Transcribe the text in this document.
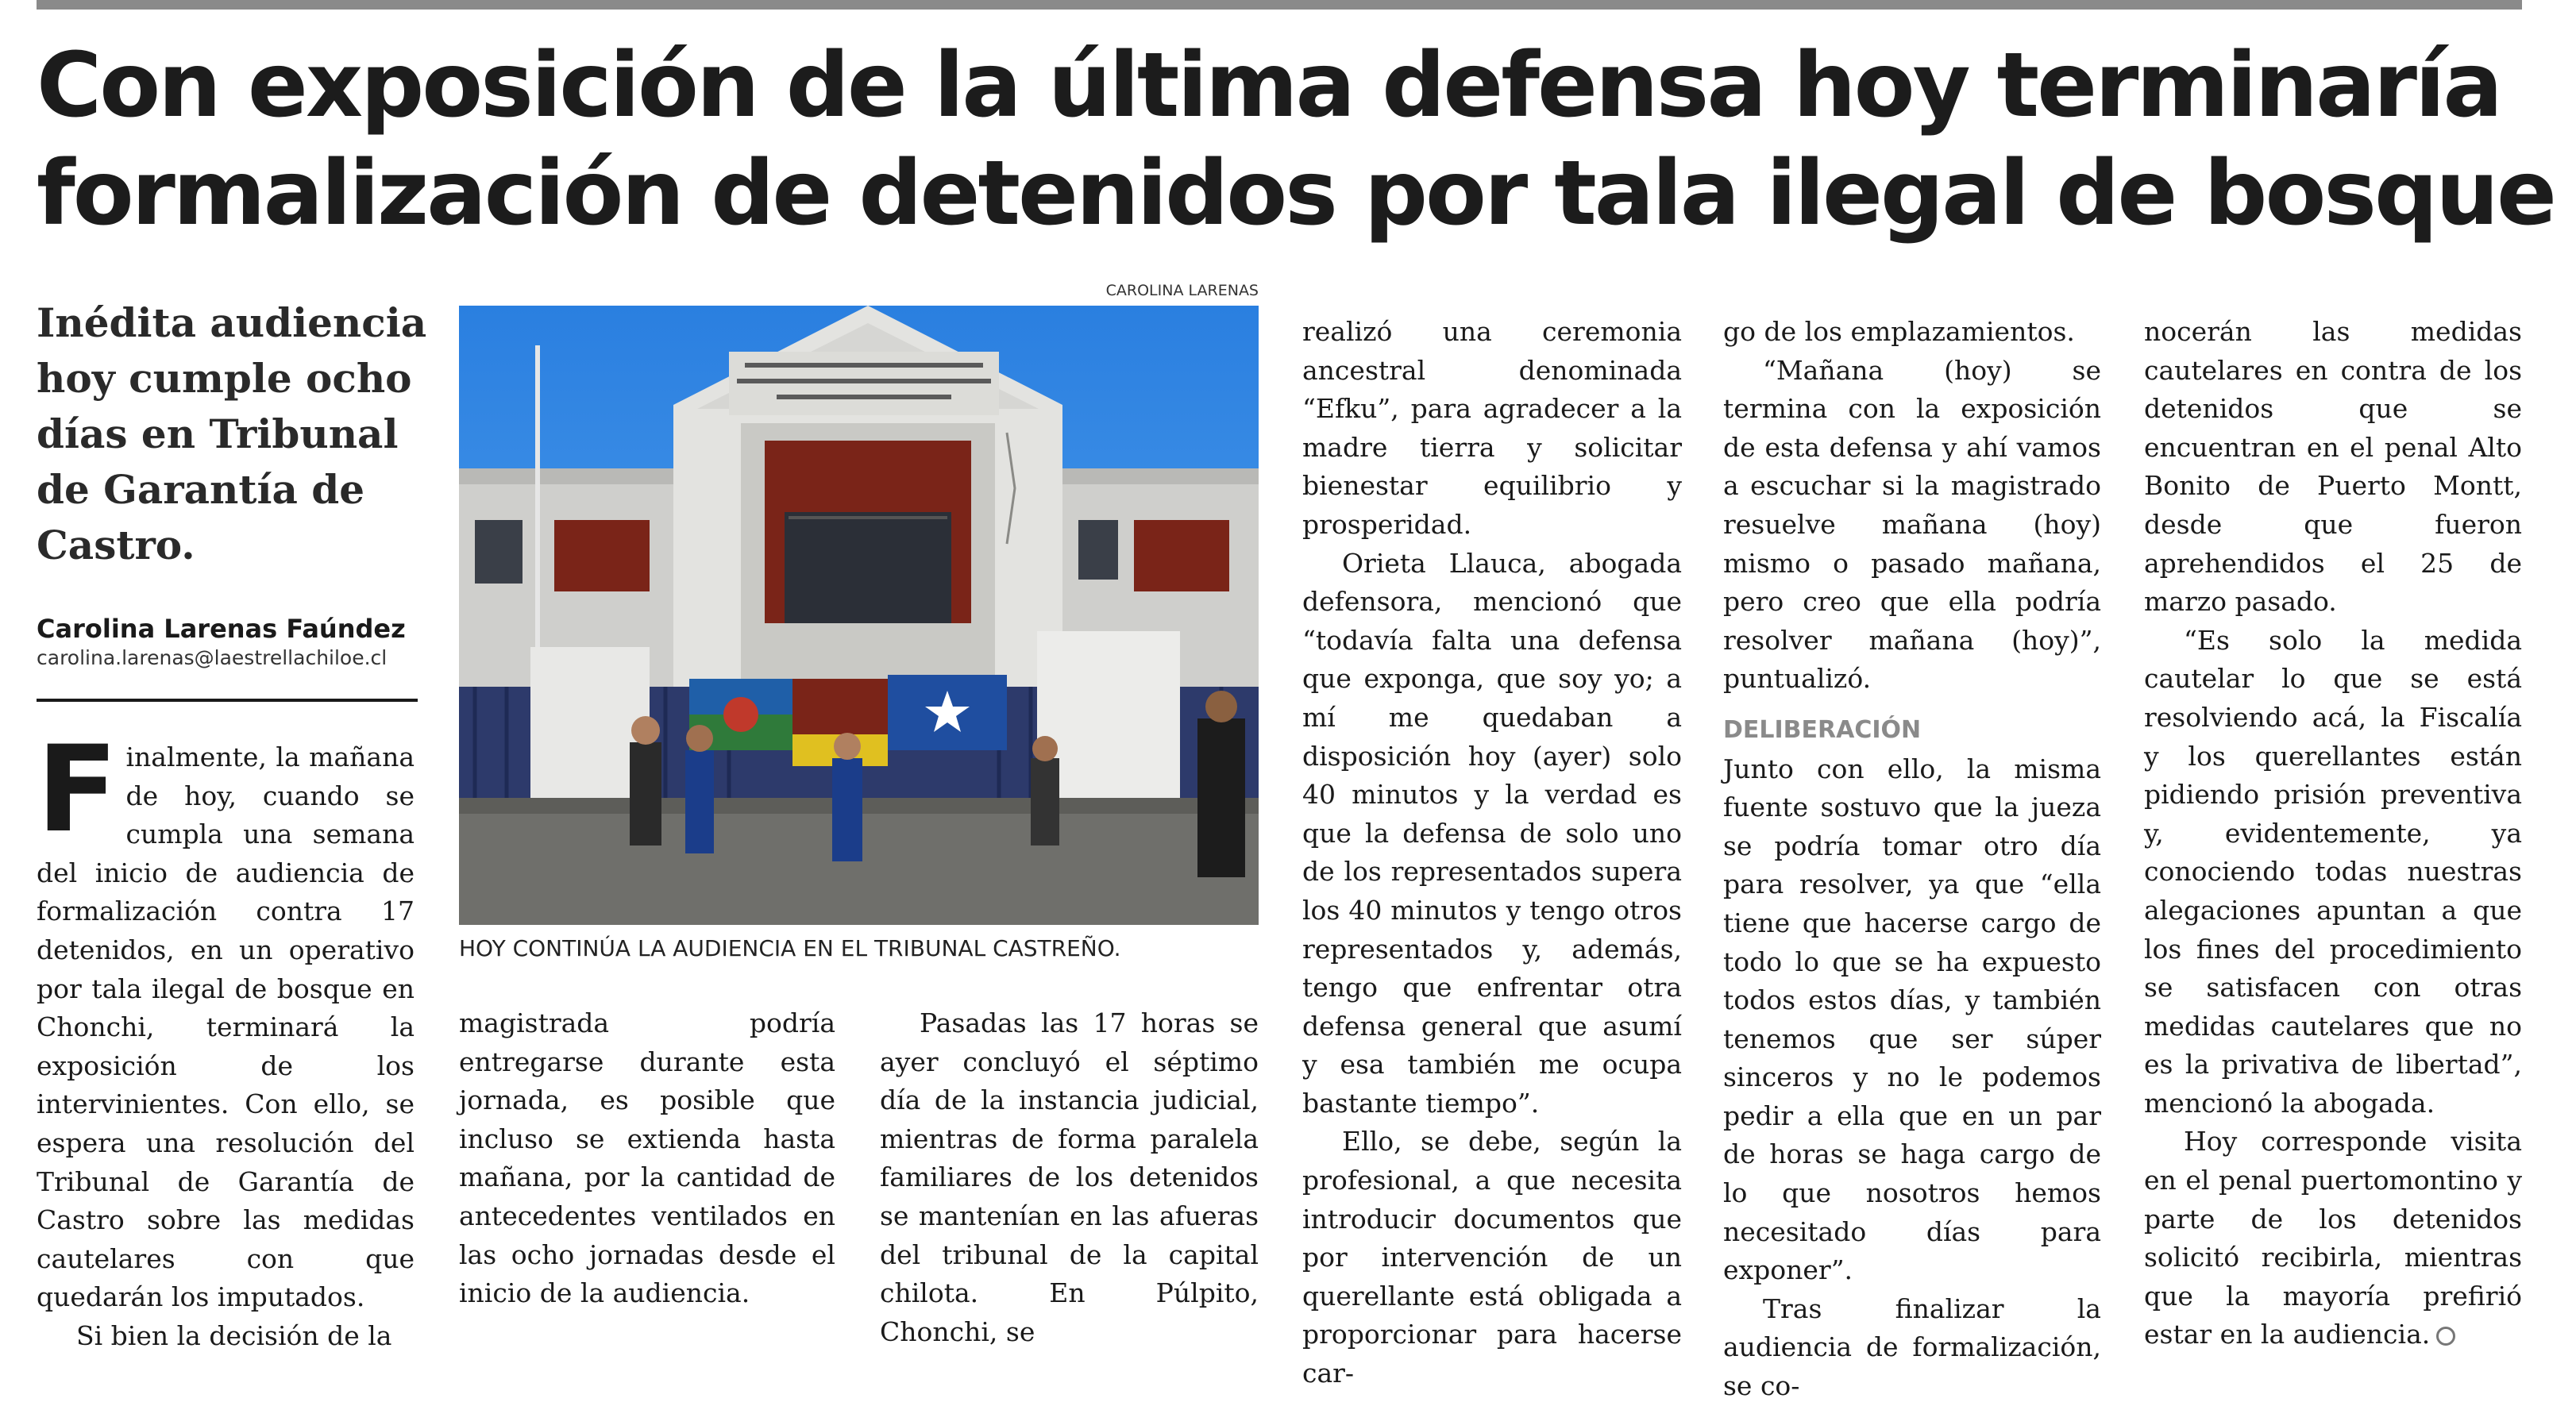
Con exposición de la última defensa hoy terminaría
formalización de detenidos por tala ilegal de bosque

Inédita audiencia hoy cumple ocho días en Tribunal de Garantía de Castro.

Carolina Larenas Faúndez
carolina.larenas@laestrellachiloe.cl

Finalmente, la mañana de hoy, cuando se cumpla una semana del inicio de audiencia de formalización contra 17 detenidos, en un operativo por tala ilegal de bosque en Chonchi, terminará la exposición de los intervinientes. Con ello, se espera una resolución del Tribunal de Garantía de Castro sobre las medidas cautelares con que quedarán los imputados.

Si bien la decisión de la

CAROLINA LARENAS
HOY CONTINÚA LA AUDIENCIA EN EL TRIBUNAL CASTREÑO.

magistrada podría entregarse durante esta jornada, es posible que incluso se extienda hasta mañana, por la cantidad de antecedentes ventilados en las ocho jornadas desde el inicio de la audiencia.

Pasadas las 17 horas se ayer concluyó el séptimo día de la instancia judicial, mientras de forma paralela familiares de los detenidos se mantenían en las afueras del tribunal de la capital chilota. En Púlpito, Chonchi, se

realizó una ceremonia ancestral denominada “Efku”, para agradecer a la madre tierra y solicitar bienestar equilibrio y prosperidad.

Orieta Llauca, abogada defensora, mencionó que “todavía falta una defensa que exponga, que soy yo; a mí me quedaban a disposición hoy (ayer) solo 40 minutos y la verdad es que la defensa de solo uno de los representados supera los 40 minutos y tengo otros representados y, además, tengo que enfrentar otra defensa general que asumí y esa también me ocupa bastante tiempo”.

Ello, se debe, según la profesional, a que necesita introducir documentos que por intervención de un querellante está obligada a proporcionar para hacerse car-

go de los emplazamientos.

“Mañana (hoy) se termina con la exposición de esta defensa y ahí vamos a escuchar si la magistrado resuelve mañana (hoy) mismo o pasado mañana, pero creo que ella podría resolver mañana (hoy)”, puntualizó.

DELIBERACIÓN

Junto con ello, la misma fuente sostuvo que la jueza se podría tomar otro día para resolver, ya que “ella tiene que hacerse cargo de todo lo que se ha expuesto todos estos días, y también tenemos que ser súper sinceros y no le podemos pedir a ella que en un par de horas se haga cargo de lo que nosotros hemos necesitado días para exponer”.

Tras finalizar la audiencia de formalización, se co-

nocerán las medidas cautelares en contra de los detenidos que se encuentran en el penal Alto Bonito de Puerto Montt, desde que fueron aprehendidos el 25 de marzo pasado.

“Es solo la medida cautelar lo que se está resolviendo acá, la Fiscalía y los querellantes están pidiendo prisión preventiva y, evidentemente, ya conociendo todas nuestras alegaciones apuntan a que los fines del procedimiento se satisfacen con otras medidas cautelares que no es la privativa de libertad”, mencionó la abogada.

Hoy corresponde visita en el penal puertomontino y parte de los detenidos solicitó recibirla, mientras que la mayoría prefirió estar en la audiencia.
